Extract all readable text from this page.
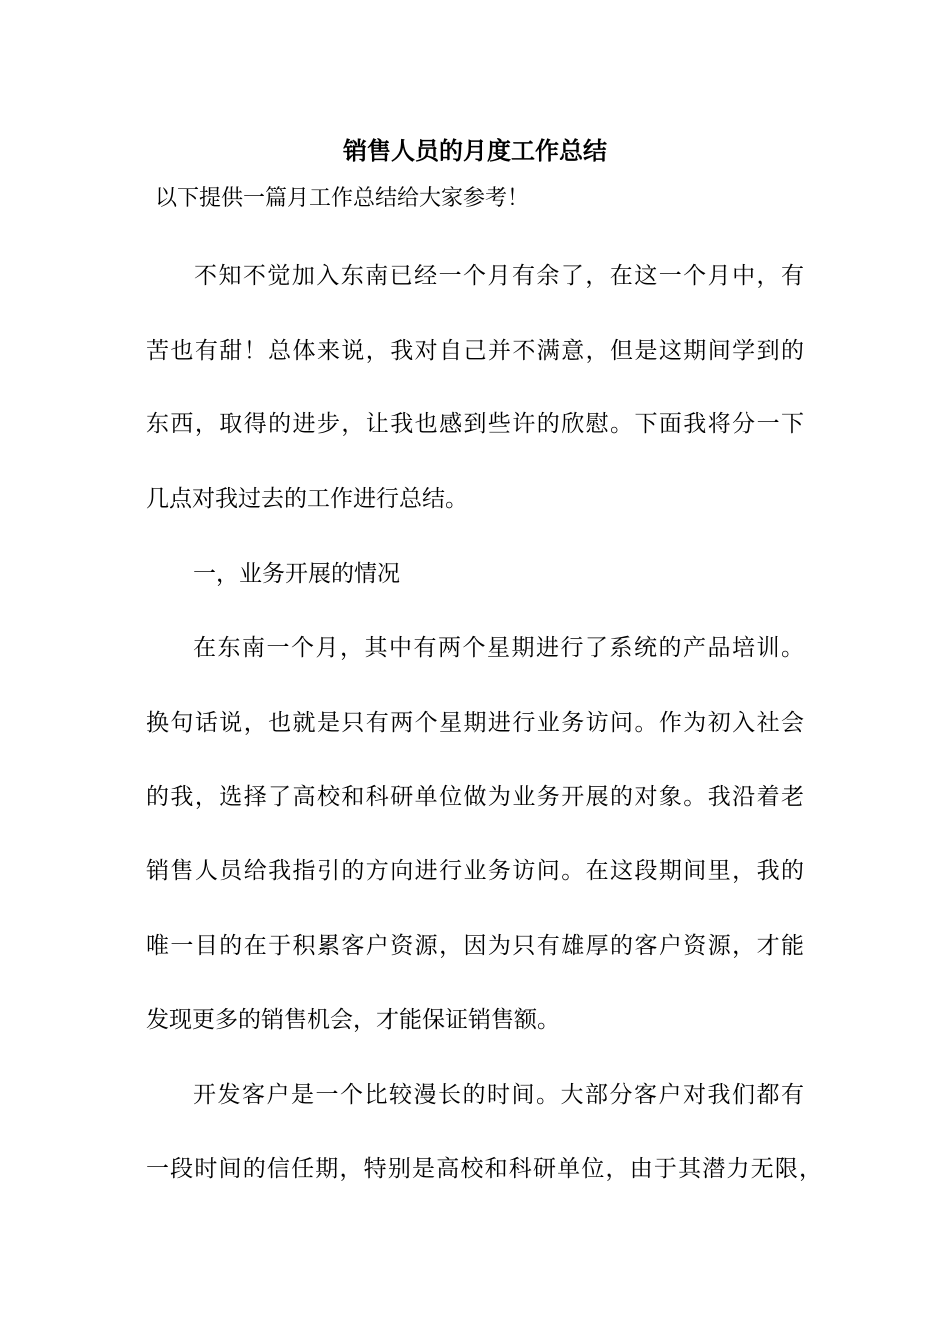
销售人员的月度工作总结
以下提供一篇月工作总结给大家参考！
不知不觉加入东南已经一个月有余了，在这一个月中，有
苦也有甜！总体来说，我对自己并不满意，但是这期间学到的
东西，取得的进步，让我也感到些许的欣慰。下面我将分一下
几点对我过去的工作进行总结。
一，业务开展的情况
在东南一个月，其中有两个星期进行了系统的产品培训。
换句话说，也就是只有两个星期进行业务访问。作为初入社会
的我，选择了高校和科研单位做为业务开展的对象。我沿着老
销售人员给我指引的方向进行业务访问。在这段期间里，我的
唯一目的在于积累客户资源，因为只有雄厚的客户资源，才能
发现更多的销售机会，才能保证销售额。
开发客户是一个比较漫长的时间。大部分客户对我们都有
一段时间的信任期，特别是高校和科研单位，由于其潜力无限，
